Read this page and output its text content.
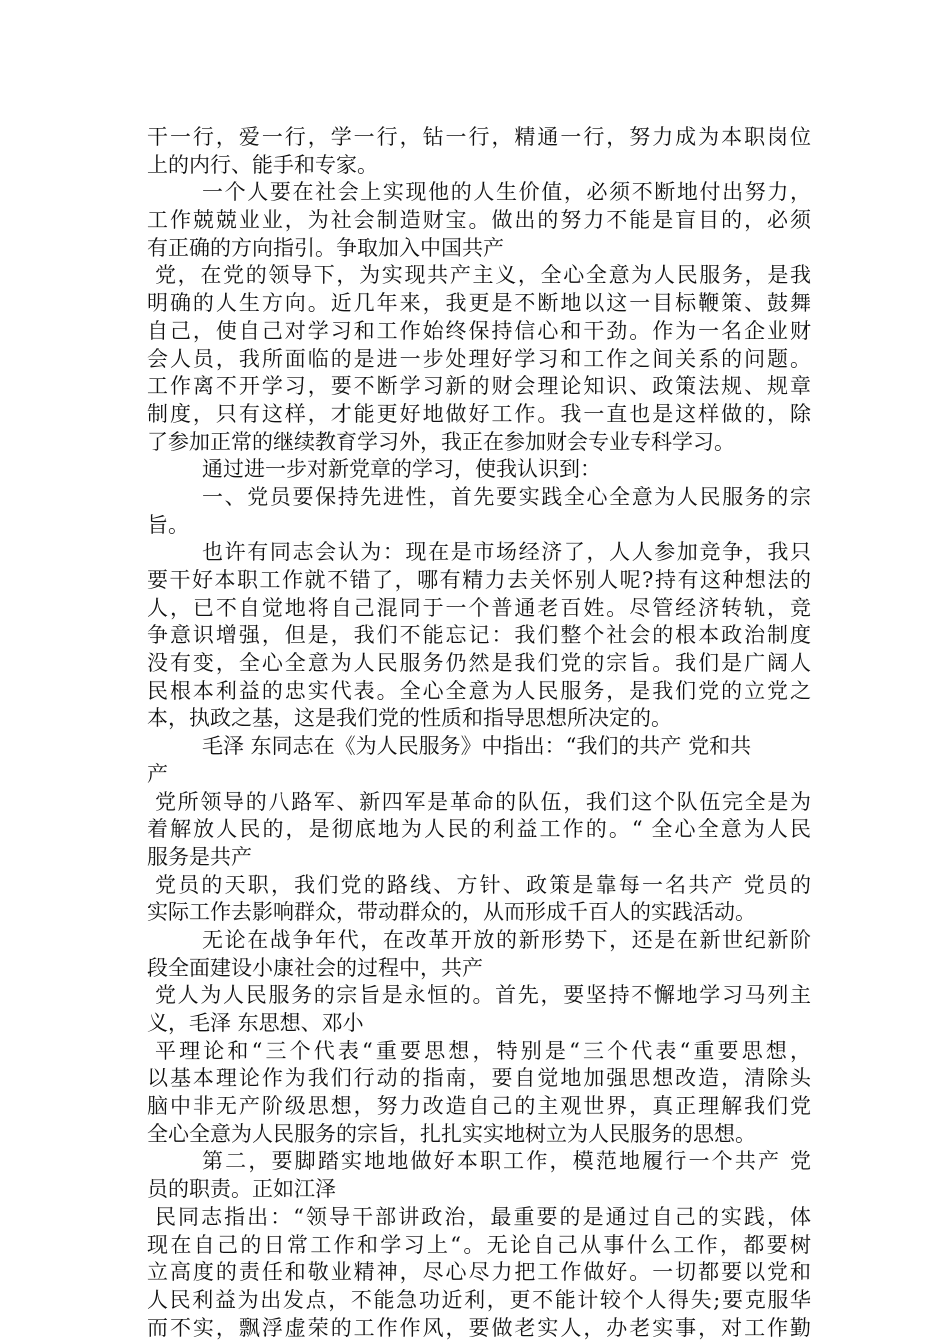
干一行，爱一行，学一行，钻一行，精通一行，努力成为本职岗位
上的内行、能手和专家。
一个人要在社会上实现他的人生价值，必须不断地付出努力，
工作兢兢业业，为社会制造财宝。做出的努力不能是盲目的，必须
有正确的方向指引。争取加入中国共产
党，在党的领导下，为实现共产主义，全心全意为人民服务，是我
明确的人生方向。近几年来，我更是不断地以这一目标鞭策、鼓舞
自己，使自己对学习和工作始终保持信心和干劲。作为一名企业财
会人员，我所面临的是进一步处理好学习和工作之间关系的问题。
工作离不开学习，要不断学习新的财会理论知识、政策法规、规章
制度，只有这样，才能更好地做好工作。我一直也是这样做的，除
了参加正常的继续教育学习外，我正在参加财会专业专科学习。
通过进一步对新党章的学习，使我认识到：
一、党员要保持先进性，首先要实践全心全意为人民服务的宗
旨。
也许有同志会认为：现在是市场经济了，人人参加竞争，我只
要干好本职工作就不错了，哪有精力去关怀别人呢?持有这种想法的
人，已不自觉地将自己混同于一个普通老百姓。尽管经济转轨，竞
争意识增强，但是，我们不能忘记：我们整个社会的根本政治制度
没有变，全心全意为人民服务仍然是我们党的宗旨。我们是广阔人
民根本利益的忠实代表。全心全意为人民服务，是我们党的立党之
本，执政之基，这是我们党的性质和指导思想所决定的。
毛泽 东同志在《为人民服务》中指出：“我们的共产 党和共
产
党所领导的八路军、新四军是革命的队伍，我们这个队伍完全是为
着解放人民的，是彻底地为人民的利益工作的。“ 全心全意为人民
服务是共产
党员的天职，我们党的路线、方针、政策是靠每一名共产 党员的
实际工作去影响群众，带动群众的，从而形成千百人的实践活动。
无论在战争年代，在改革开放的新形势下，还是在新世纪新阶
段全面建设小康社会的过程中，共产
党人为人民服务的宗旨是永恒的。首先，要坚持不懈地学习马列主
义，毛泽 东思想、邓小
平理论和“三个代表“重要思想，特别是“三个代表“重要思想，
以基本理论作为我们行动的指南，要自觉地加强思想改造，清除头
脑中非无产阶级思想，努力改造自己的主观世界，真正理解我们党
全心全意为人民服务的宗旨，扎扎实实地树立为人民服务的思想。
第二，要脚踏实地地做好本职工作，模范地履行一个共产 党
员的职责。正如江泽
民同志指出：“领导干部讲政治，最重要的是通过自己的实践，体
现在自己的日常工作和学习上“。无论自己从事什么工作，都要树
立高度的责任和敬业精神，尽心尽力把工作做好。一切都要以党和
人民利益为出发点，不能急功近利，更不能计较个人得失;要克服华
而不实，飘浮虚荣的工作作风，要做老实人，办老实事，对工作勤
